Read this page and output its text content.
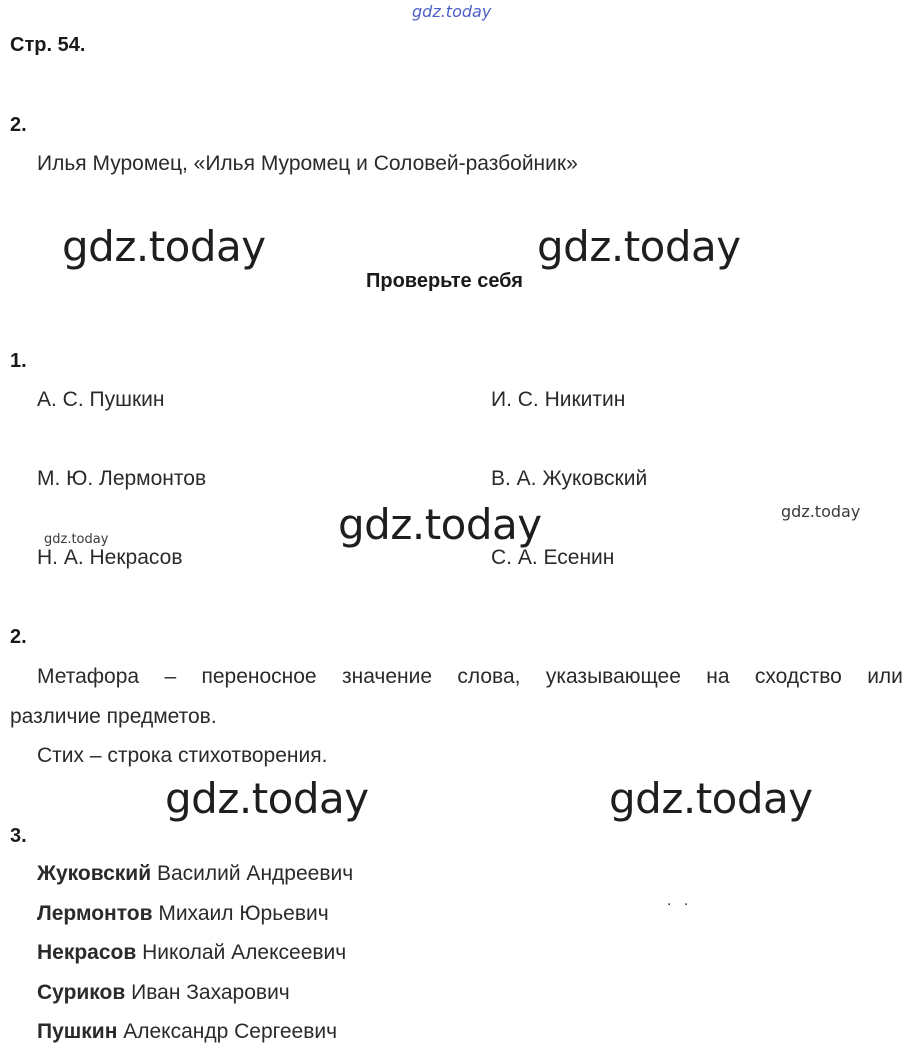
gdz.today
Стр. 54.
2.
Илья Муромец, «Илья Муромец и Соловей-разбойник»
gdz.today	gdz.today
Проверьте себя
1.
А. С. Пушкин	И. С. Никитин
М. Ю. Лермонтов	В. А. Жуковский
gdz.today	gdz.today
gdz.today
Н. А. Некрасов	С. А. Есенин
2.
Метафора – переносное значение слова, указывающее на сходство или
различие предметов.
Стих – строка стихотворения.
gdz.today	gdz.today
3.
Жуковский Василий Андреевич
Лермонтов Михаил Юрьевич
. .
Некрасов Николай Алексеевич
Суриков Иван Захарович
Пушкин Александр Сергеевич
